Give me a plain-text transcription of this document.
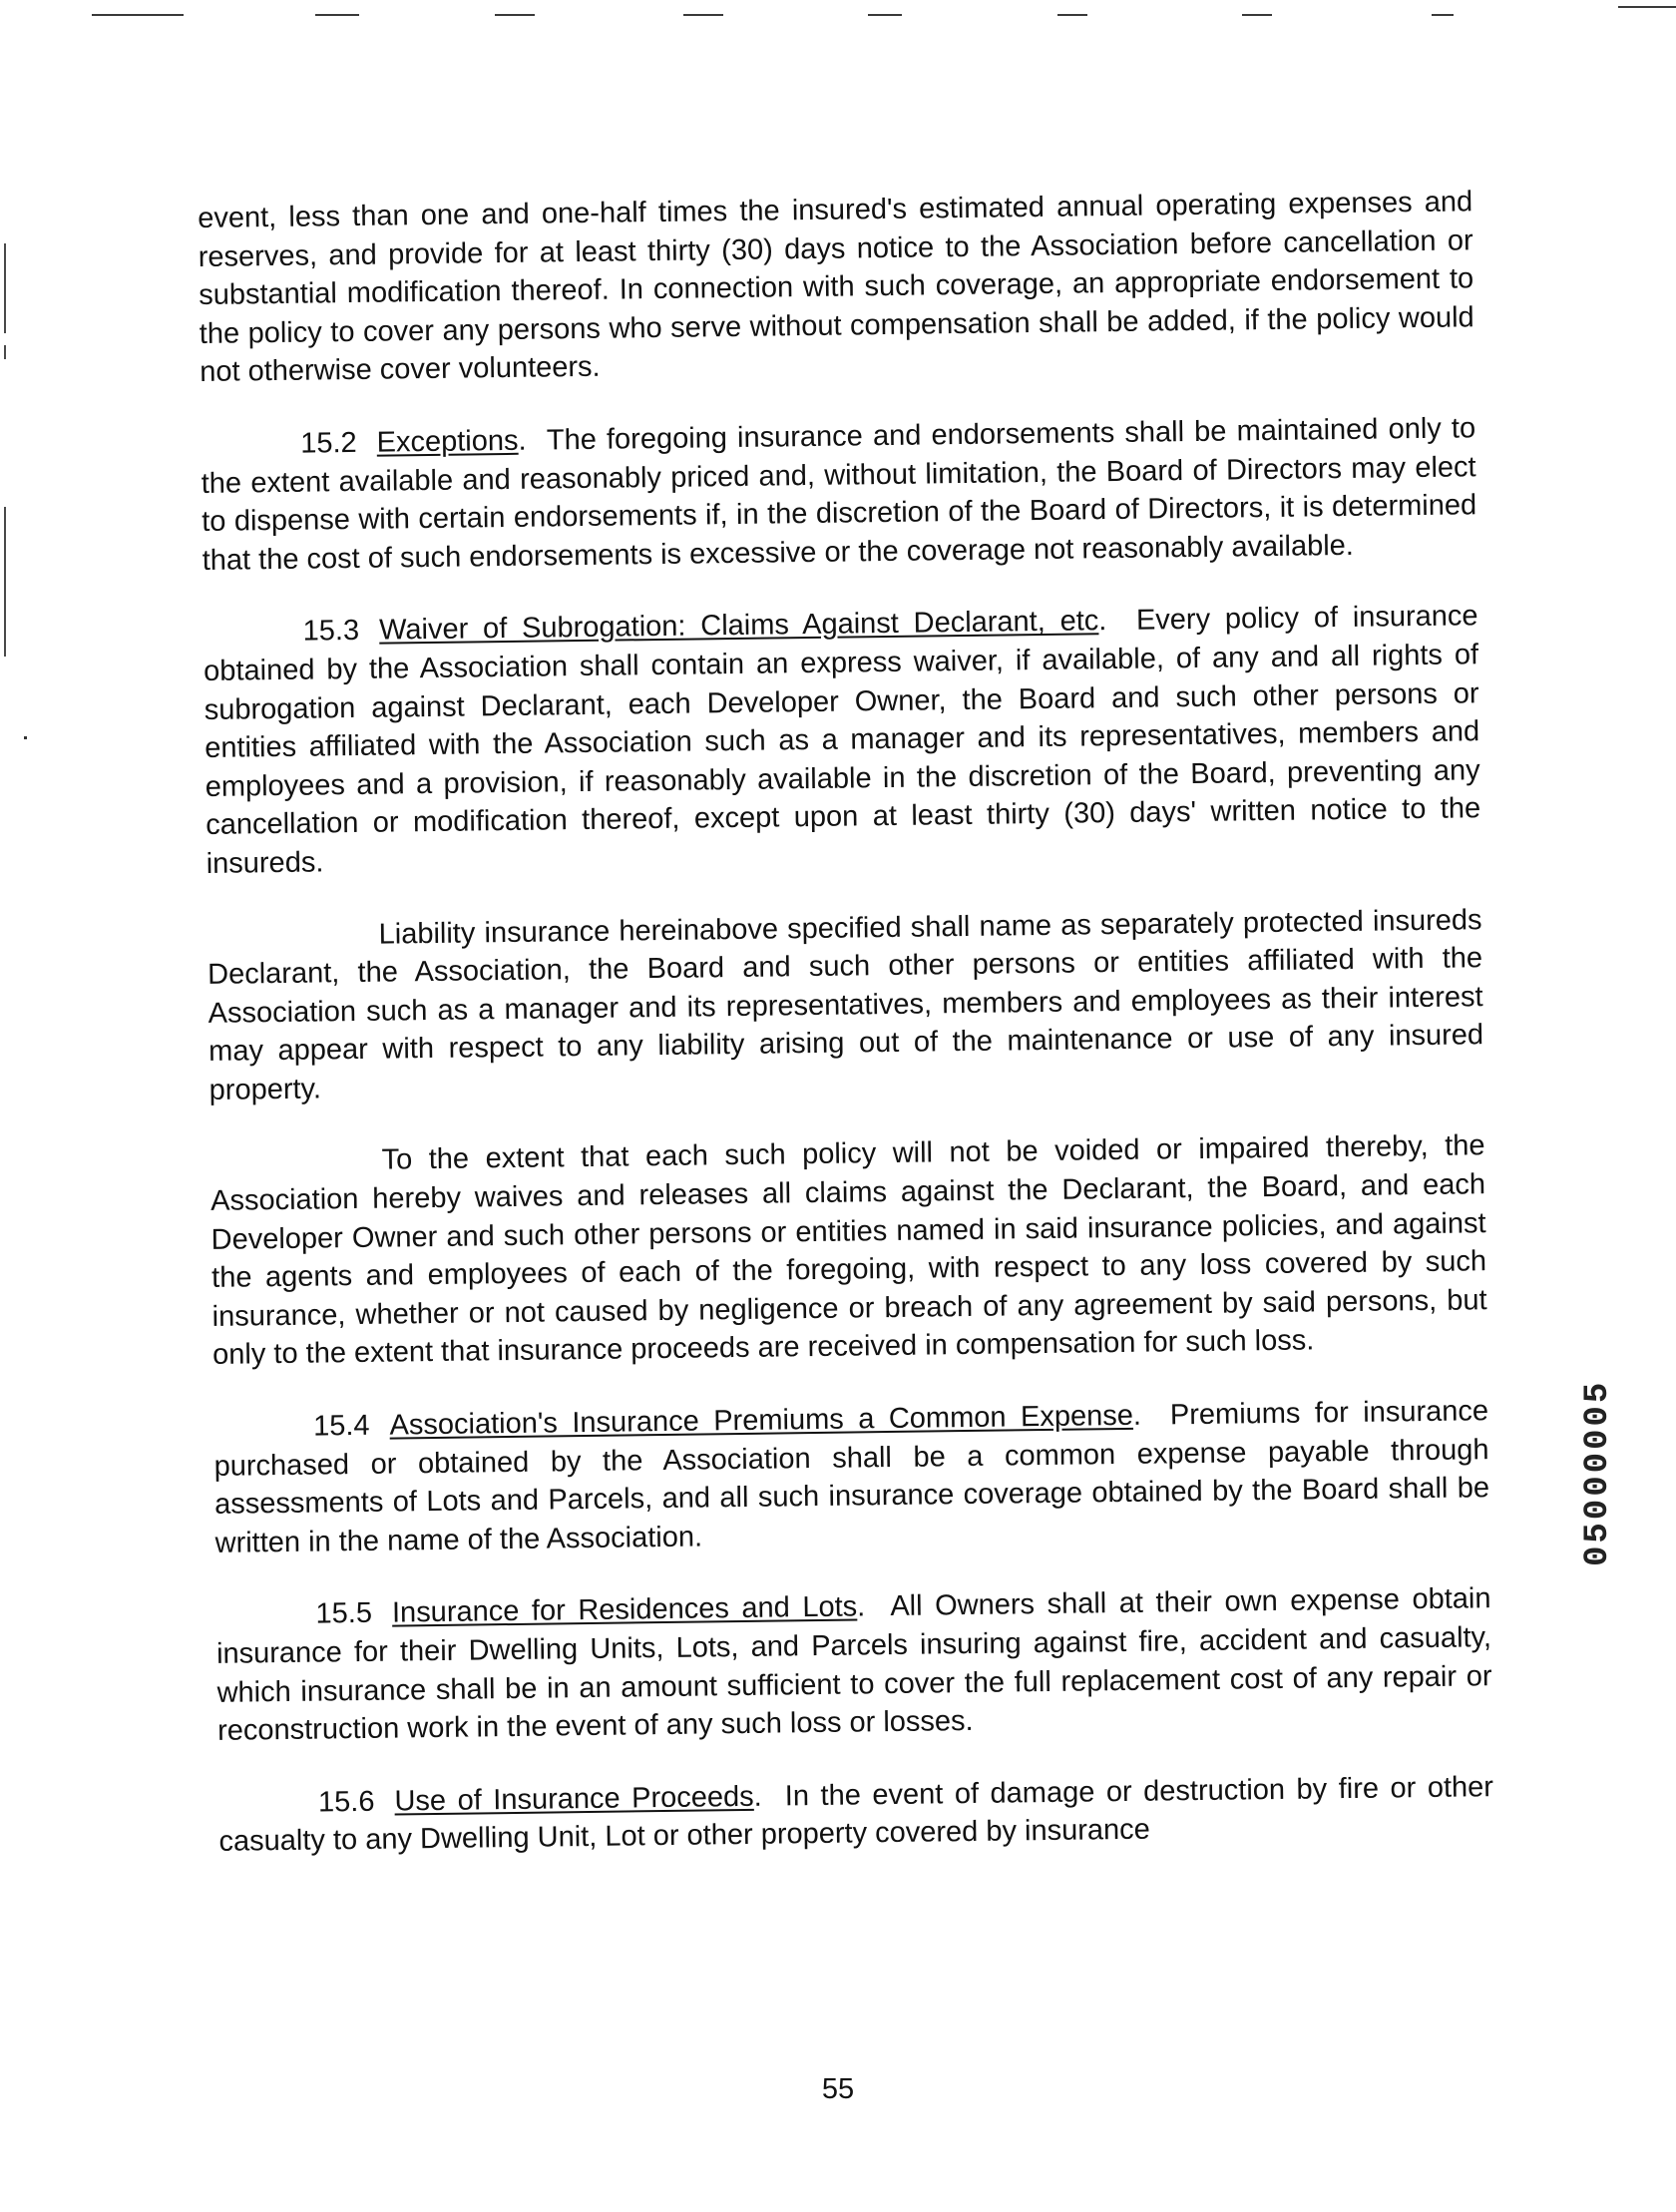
event, less than one and one-half times the insured's estimated annual operating expenses and reserves, and provide for at least thirty (30) days notice to the Association before cancellation or substantial modification thereof. In connection with such coverage, an appropriate endorsement to the policy to cover any persons who serve without compensation shall be added, if the policy would not otherwise cover volunteers.

15.2 Exceptions.  The foregoing insurance and endorsements shall be maintained only to the extent available and reasonably priced and, without limitation, the Board of Directors may elect to dispense with certain endorsements if, in the discretion of the Board of Directors, it is determined that the cost of such endorsements is excessive or the coverage not reasonably available.

15.3 Waiver of Subrogation: Claims Against Declarant, etc.  Every policy of insurance obtained by the Association shall contain an express waiver, if available, of any and all rights of subrogation against Declarant, each Developer Owner, the Board and such other persons or entities affiliated with the Association such as a manager and its representatives, members and employees and a provision, if reasonably available in the discretion of the Board, preventing any cancellation or modification thereof, except upon at least thirty (30) days' written notice to the insureds.

Liability insurance hereinabove specified shall name as separately protected insureds Declarant, the Association, the Board and such other persons or entities affiliated with the Association such as a manager and its representatives, members and employees as their interest may appear with respect to any liability arising out of the maintenance or use of any insured property.

To the extent that each such policy will not be voided or impaired thereby, the Association hereby waives and releases all claims against the Declarant, the Board, and each Developer Owner and such other persons or entities named in said insurance policies, and against the agents and employees of each of the foregoing, with respect to any loss covered by such insurance, whether or not caused by negligence or breach of any agreement by said persons, but only to the extent that insurance proceeds are received in compensation for such loss.

15.4 Association's Insurance Premiums a Common Expense.  Premiums for insurance purchased or obtained by the Association shall be a common expense payable through assessments of Lots and Parcels, and all such insurance coverage obtained by the Board shall be written in the name of the Association.

15.5 Insurance for Residences and Lots.  All Owners shall at their own expense obtain insurance for their Dwelling Units, Lots, and Parcels insuring against fire, accident and casualty, which insurance shall be in an amount sufficient to cover the full replacement cost of any repair or reconstruction work in the event of any such loss or losses.

15.6 Use of Insurance Proceeds.  In the event of damage or destruction by fire or other casualty to any Dwelling Unit, Lot or other property covered by insurance

05000005
55
